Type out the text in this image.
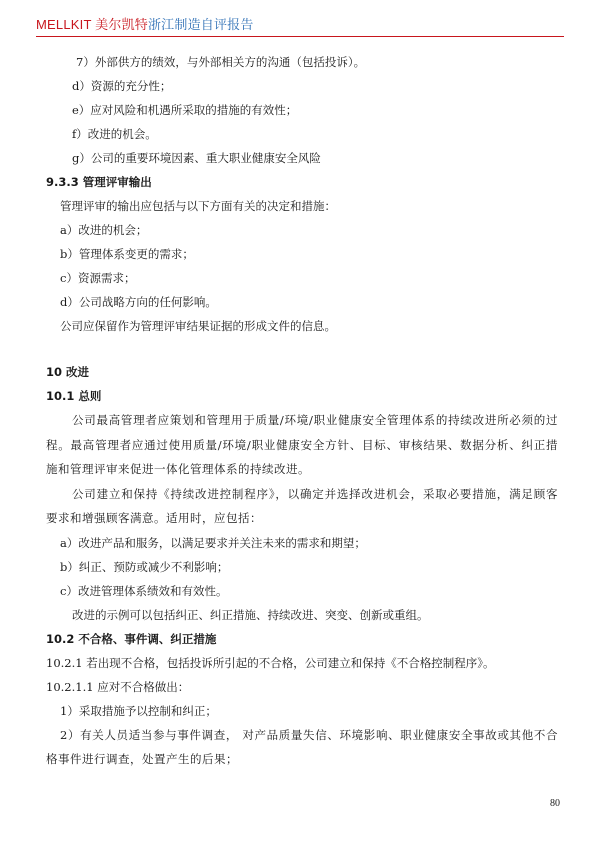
MELLKIT 美尔凯特浙江制造自评报告
7）外部供方的绩效，与外部相关方的沟通（包括投诉）。
d）资源的充分性；
e）应对风险和机遇所采取的措施的有效性；
f）改进的机会。
g）公司的重要环境因素、重大职业健康安全风险
9.3.3 管理评审输出
管理评审的输出应包括与以下方面有关的决定和措施：
a）改进的机会；
b）管理体系变更的需求；
c）资源需求；
d）公司战略方向的任何影响。
公司应保留作为管理评审结果证据的形成文件的信息。
10 改进
10.1 总则
公司最高管理者应策划和管理用于质量/环境/职业健康安全管理体系的持续改进所必须的过程。最高管理者应通过使用质量/环境/职业健康安全方针、目标、审核结果、数据分析、纠正措施和管理评审来促进一体化管理体系的持续改进。
公司建立和保持《持续改进控制程序》，以确定并选择改进机会，采取必要措施，满足顾客要求和增强顾客满意。适用时，应包括：
a）改进产品和服务，以满足要求并关注未来的需求和期望；
b）纠正、预防或减少不利影响；
c）改进管理体系绩效和有效性。
改进的示例可以包括纠正、纠正措施、持续改进、突变、创新或重组。
10.2 不合格、事件调、纠正措施
10.2.1 若出现不合格，包括投诉所引起的不合格，公司建立和保持《不合格控制程序》。
10.2.1.1 应对不合格做出：
1）采取措施予以控制和纠正；
2）有关人员适当参与事件调查， 对产品质量失信、环境影响、职业健康安全事故或其他不合格事件进行调查，处置产生的后果；
80
